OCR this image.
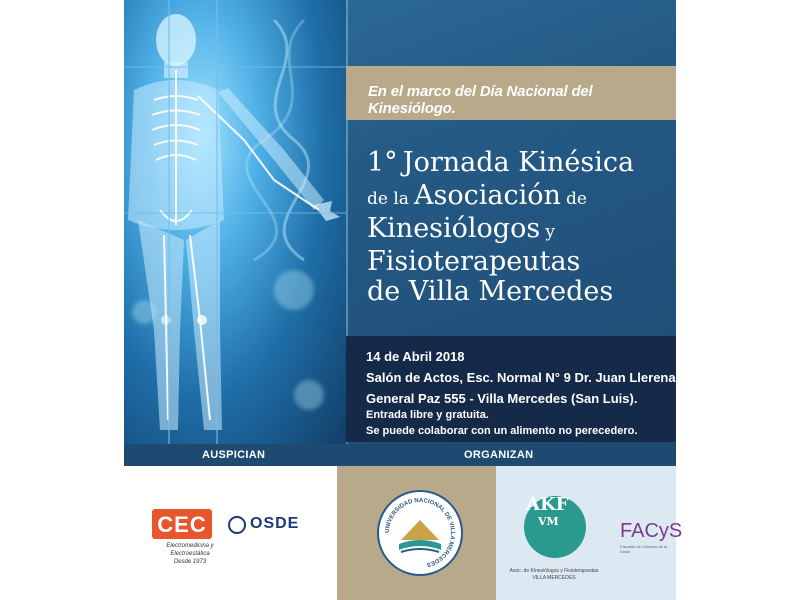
En el marco del Día Nacional del Kinesiólogo.
1° Jornada Kinésica
de la Asociación de
Kinesiólogos y
Fisioterapeutas
de Villa Mercedes
14 de Abril 2018
Salón de Actos, Esc. Normal N° 9 Dr. Juan Llerena.
General Paz 555 - Villa Mercedes (San Luis).
Entrada libre y gratuita.
Se puede colaborar con un alimento no perecedero.
AUSPICIAN	ORGANIZAN
CEC
Electromedicina y Electroestática
Desde 1973
OSDE	UNIVERSIDAD NACIONAL DE VILLA MERCEDES
AKF
VM
Asoc. de Kinesiólogos y Fisioterapeutas
VILLA MERCEDES
FACyS
Facultad de Ciencias de la Salud
